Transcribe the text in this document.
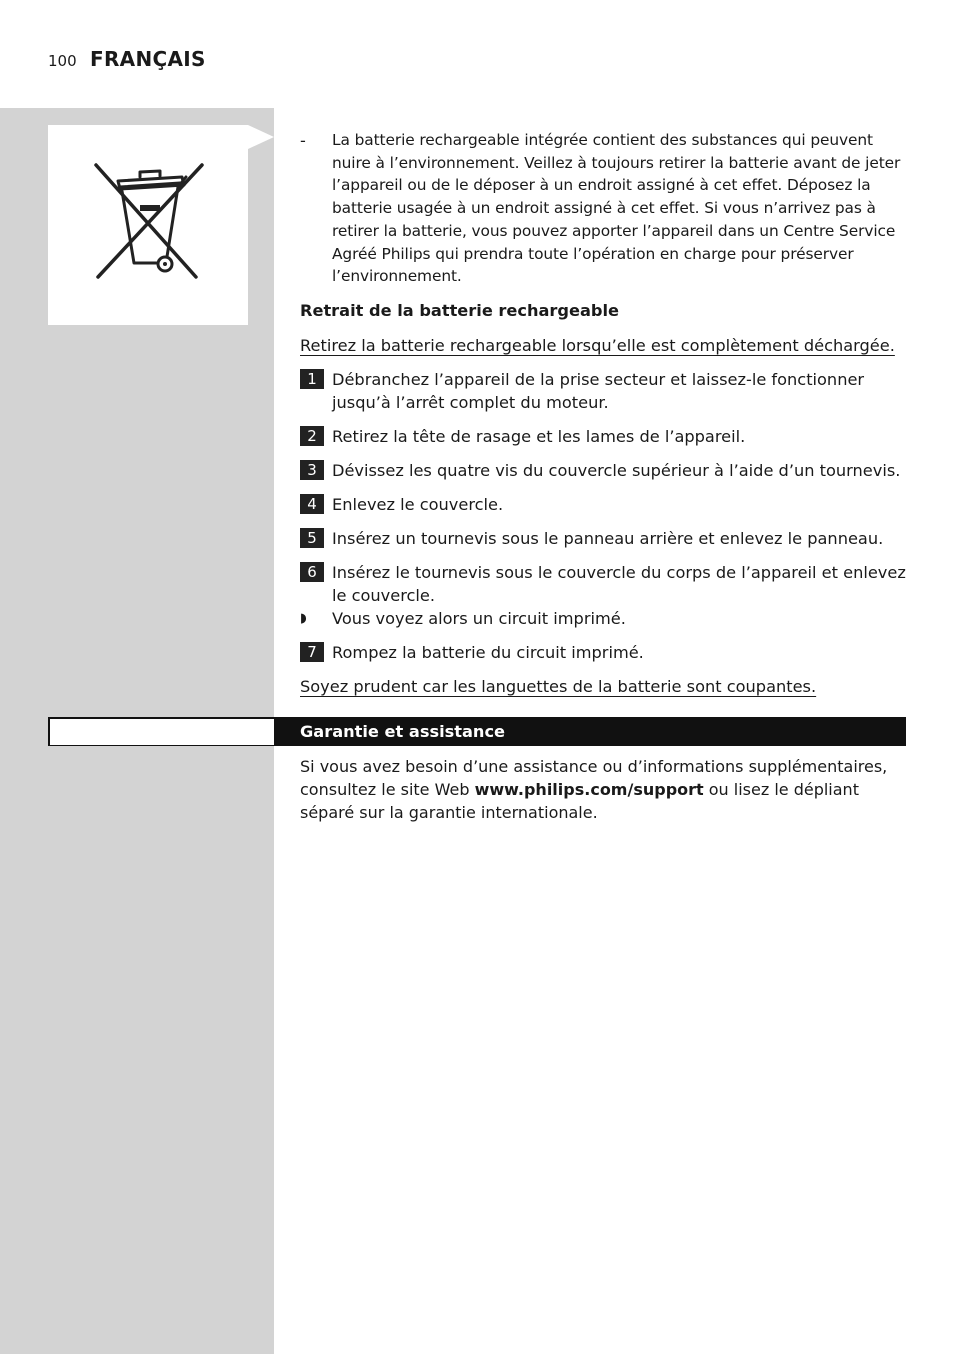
100 FRANÇAIS
- La batterie rechargeable intégrée contient des substances qui peuvent nuire à l’environnement. Veillez à toujours retirer la batterie avant de jeter l’appareil ou de le déposer à un endroit assigné à cet effet. Déposez la batterie usagée à un endroit assigné à cet effet. Si vous n’arrivez pas à retirer la batterie, vous pouvez apporter l’appareil dans un Centre Service Agréé Philips qui prendra toute l’opération en charge pour préserver l’environnement.
Retrait de la batterie rechargeable
Retirez la batterie rechargeable lorsqu’elle est complètement déchargée.
1 Débranchez l’appareil de la prise secteur et laissez-le fonctionner jusqu’à l’arrêt complet du moteur.
2 Retirez la tête de rasage et les lames de l’appareil.
3 Dévissez les quatre vis du couvercle supérieur à l’aide d’un tournevis.
4 Enlevez le couvercle.
5 Insérez un tournevis sous le panneau arrière et enlevez le panneau.
6 Insérez le tournevis sous le couvercle du corps de l’appareil et enlevez le couvercle.
◗ Vous voyez alors un circuit imprimé.
7 Rompez la batterie du circuit imprimé.
Soyez prudent car les languettes de la batterie sont coupantes.
Garantie et assistance
Si vous avez besoin d’une assistance ou d’informations supplémentaires, consultez le site Web www.philips.com/support ou lisez le dépliant séparé sur la garantie internationale.
